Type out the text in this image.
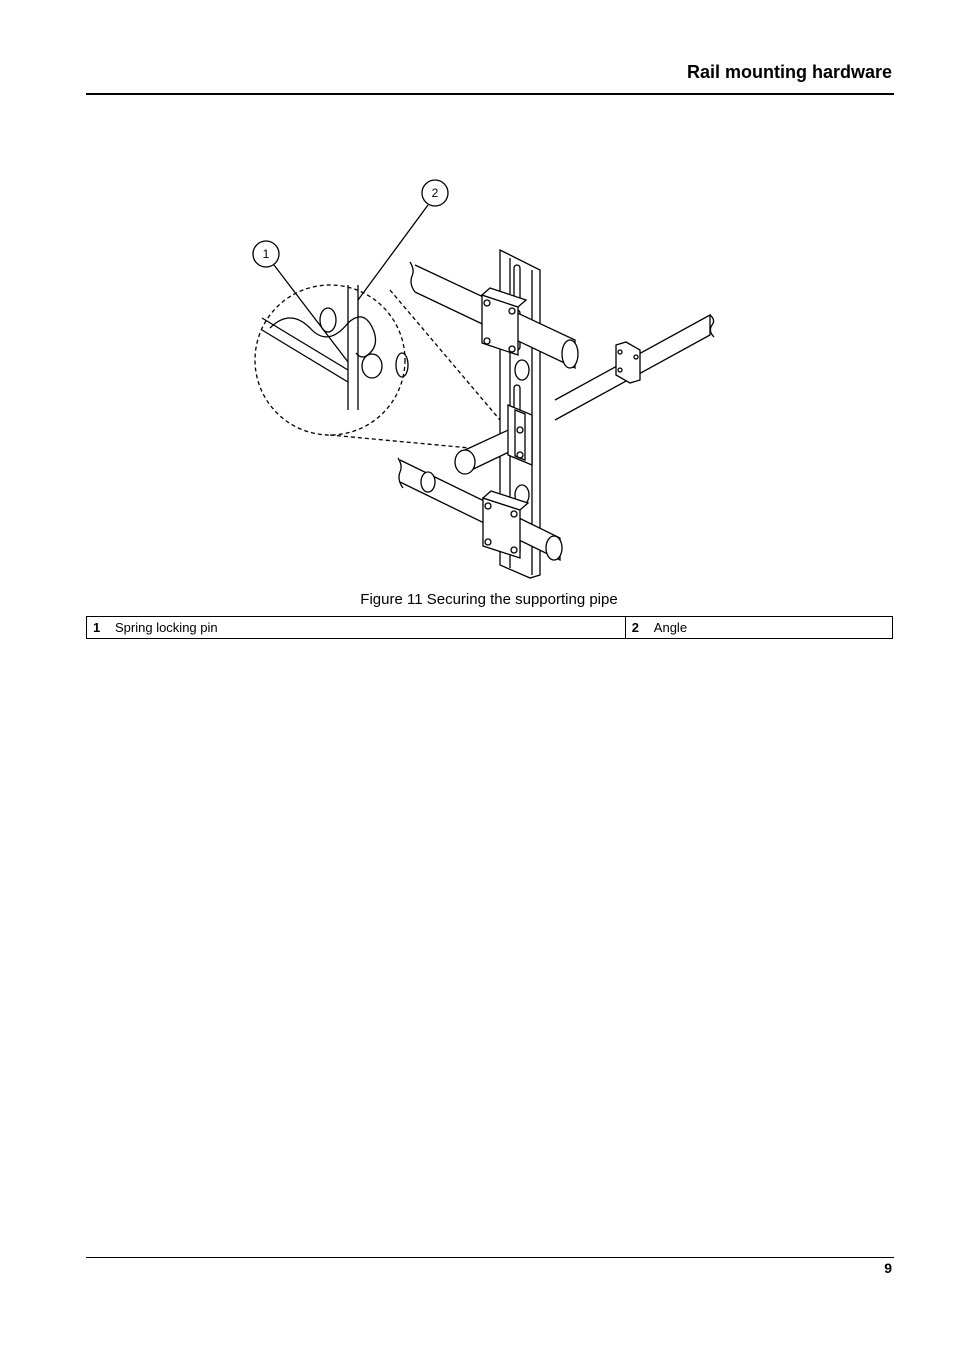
Rail mounting hardware
1
2
Figure 11 Securing the supporting pipe
1 Spring locking pin	2 Angle
9
